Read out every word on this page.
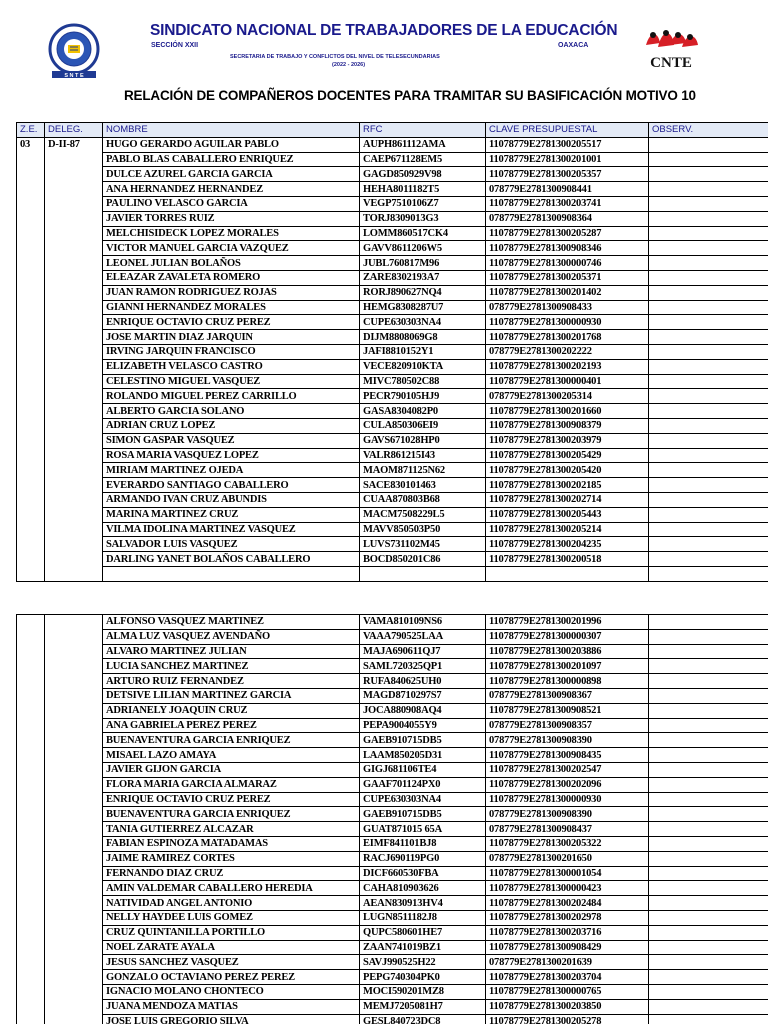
S N T E
CNTE
SINDICATO NACIONAL DE TRABAJADORES DE LA EDUCACIÓN
SECCIÓN XXII	OAXACA
SECRETARIA DE TRABAJO Y CONFLICTOS DEL NIVEL DE TELESECUNDARIAS
(2022 - 2026)
RELACIÓN DE COMPAÑEROS DOCENTES PARA TRAMITAR SU BASIFICACIÓN MOTIVO 10
Z.E.	DELEG.	NOMBRE	RFC	CLAVE PRESUPUESTAL	OBSERV.
03	D-II-87	HUGO GERARDO AGUILAR PABLO	AUPH861112AMA	11078779E2781300205517	
		PABLO BLAS CABALLERO ENRIQUEZ	CAEP671128EM5	11078779E2781300201001	
		DULCE AZUREL GARCIA GARCIA	GAGD850929V98	11078779E2781300205357	
		ANA HERNANDEZ HERNANDEZ	HEHA8011182T5	078779E2781300908441	
		PAULINO VELASCO GARCIA	VEGP7510106Z7	11078779E2781300203741	
		JAVIER TORRES RUIZ	TORJ8309013G3	078779E2781300908364	
		MELCHISIDECK LOPEZ MORALES	LOMM860517CK4	11078779E2781300205287	
		VICTOR MANUEL GARCIA VAZQUEZ	GAVV8611206W5	11078779E2781300908346	
		LEONEL JULIAN BOLAÑOS	JUBL760817M96	11078779E2781300000746	
		ELEAZAR ZAVALETA ROMERO	ZARE8302193A7	11078779E2781300205371	
		JUAN RAMON RODRIGUEZ ROJAS	RORJ890627NQ4	11078779E2781300201402	
		GIANNI HERNANDEZ MORALES	HEMG8308287U7	078779E2781300908433	
		ENRIQUE OCTAVIO CRUZ PEREZ	CUPE630303NA4	11078779E2781300000930	
		JOSE MARTIN DIAZ JARQUIN	DIJM8808069G8	11078779E2781300201768	
		IRVING JARQUIN FRANCISCO	JAFI8810152Y1	078779E2781300202222	
		ELIZABETH VELASCO CASTRO	VECE820910KTA	11078779E2781300202193	
		CELESTINO MIGUEL VASQUEZ	MIVC780502C88	11078779E2781300000401	
		ROLANDO MIGUEL PEREZ CARRILLO	PECR790105HJ9	078779E2781300205314	
		ALBERTO GARCIA SOLANO	GASA8304082P0	11078779E2781300201660	
		ADRIAN CRUZ LOPEZ	CULA850306EI9	11078779E2781300908379	
		SIMON GASPAR VASQUEZ	GAVS671028HP0	11078779E2781300203979	
		ROSA MARIA VASQUEZ LOPEZ	VALR861215I43	11078779E2781300205429	
		MIRIAM MARTINEZ OJEDA	MAOM871125N62	11078779E2781300205420	
		EVERARDO SANTIAGO CABALLERO	SACE830101463	11078779E2781300202185	
		ARMANDO IVAN CRUZ ABUNDIS	CUAA870803B68	11078779E2781300202714	
		MARINA MARTINEZ CRUZ	MACM7508229L5	11078779E2781300205443	
		VILMA IDOLINA MARTINEZ VASQUEZ	MAVV850503P50	11078779E2781300205214	
		SALVADOR LUIS VASQUEZ	LUVS731102M45	11078779E2781300204235	
		DARLING YANET BOLAÑOS CABALLERO	BOCD850201C86	11078779E2781300200518	

		ALFONSO VASQUEZ MARTINEZ	VAMA810109NS6	11078779E2781300201996	
		ALMA LUZ VASQUEZ AVENDAÑO	VAAA790525LAA	11078779E2781300000307	
		ALVARO MARTINEZ JULIAN	MAJA690611QJ7	11078779E2781300203886	
		LUCIA SANCHEZ MARTINEZ	SAML720325QP1	11078779E2781300201097	
		ARTURO RUIZ FERNANDEZ	RUFA840625UH0	11078779E2781300000898	
		DETSIVE LILIAN MARTINEZ GARCIA	MAGD8710297S7	078779E2781300908367	
		ADRIANELY JOAQUIN CRUZ	JOCA880908AQ4	11078779E2781300908521	
		ANA GABRIELA PEREZ PEREZ	PEPA9004055Y9	078779E2781300908357	
		BUENAVENTURA GARCIA ENRIQUEZ	GAEB910715DB5	078779E2781300908390	
		MISAEL LAZO AMAYA	LAAM850205D31	11078779E2781300908435	
		JAVIER GIJON GARCIA	GIGJ681106TE4	11078779E2781300202547	
		FLORA MARIA GARCIA ALMARAZ	GAAF701124PX0	11078779E2781300202096	
		ENRIQUE OCTAVIO CRUZ PEREZ	CUPE630303NA4	11078779E2781300000930	
		BUENAVENTURA GARCIA ENRIQUEZ	GAEB910715DB5	078779E2781300908390	
		TANIA GUTIERREZ ALCAZAR	GUAT871015 65A	078779E2781300908437	
		FABIAN ESPINOZA MATADAMAS	EIMF841101BJ8	11078779E2781300205322	
		JAIME RAMIREZ CORTES	RACJ690119PG0	078779E2781300201650	
		FERNANDO DIAZ CRUZ	DICF660530FBA	11078779E2781300001054	
		AMIN VALDEMAR CABALLERO HEREDIA	CAHA810903626	11078779E2781300000423	
		NATIVIDAD ANGEL ANTONIO	AEAN830913HV4	11078779E2781300202484	
		NELLY HAYDEE LUIS GOMEZ	LUGN8511182J8	11078779E2781300202978	
		CRUZ QUINTANILLA PORTILLO	QUPC580601HE7	11078779E2781300203716	
		NOEL ZARATE AYALA	ZAAN741019BZ1	11078779E2781300908429	
		JESUS SANCHEZ VASQUEZ	SAVJ990525H22	078779E2781300201639	
		GONZALO OCTAVIANO PEREZ PEREZ	PEPG740304PK0	11078779E2781300203704	
		IGNACIO MOLANO CHONTECO	MOCI590201MZ8	11078779E2781300000765	
		JUANA MENDOZA MATIAS	MEMJ7205081H7	11078779E2781300203850	
		JOSE LUIS GREGORIO SILVA	GESL840723DC8	11078779E2781300205278	
